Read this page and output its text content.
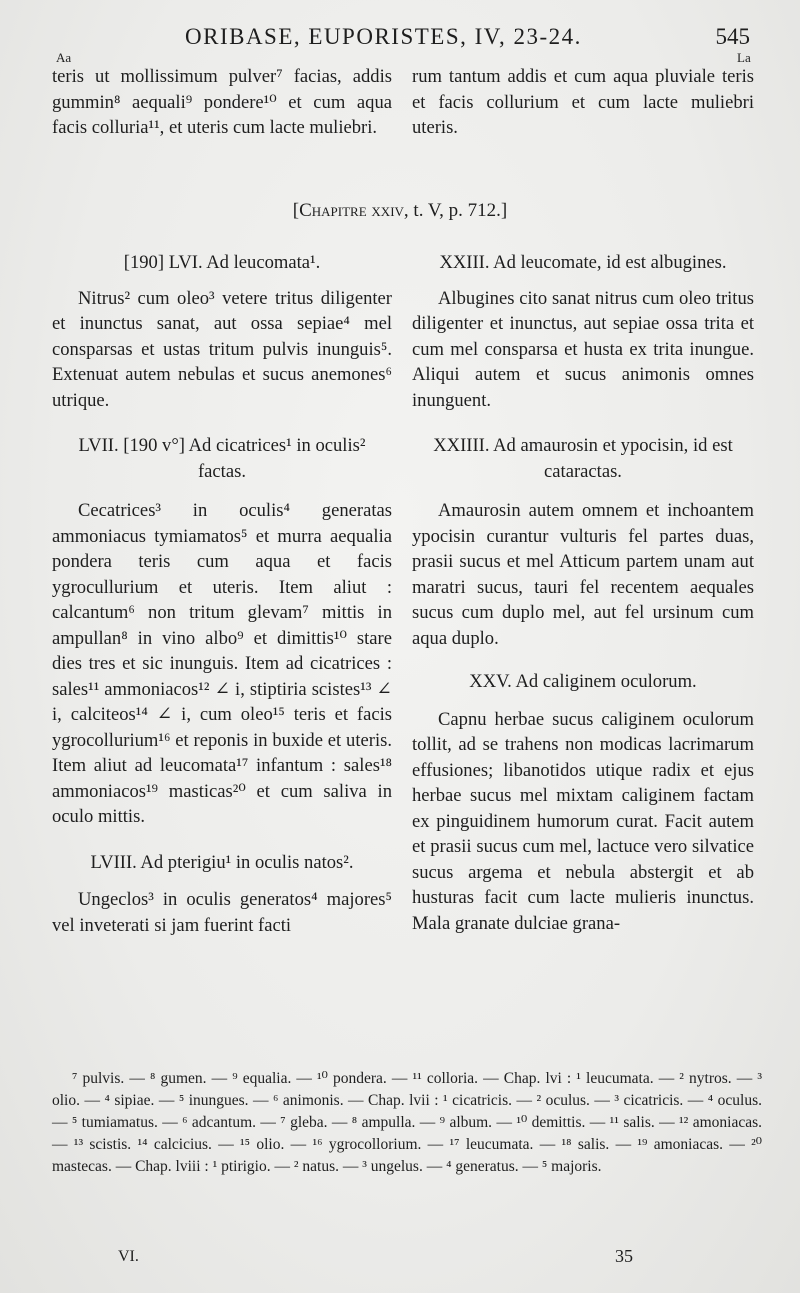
ORIBASE, EUPORISTES, IV, 23-24.	545
Aa	La

teris ut mollissimum pulver⁷ facias, addis gummin⁸ aequali⁹ pondere¹⁰ et cum aqua facis colluria¹¹, et uteris cum lacte muliebri.

rum tantum addis et cum aqua pluviale teris et facis collurium et cum lacte muliebri uteris.

[Chapitre xxiv, t. V, p. 712.]

[190] LVI. Ad leucomata¹.

Nitrus² cum oleo³ vetere tritus diligenter et inunctus sanat, aut ossa sepiae⁴ mel consparsas et ustas tritum pulvis inunguis⁵. Extenuat autem nebulas et sucus anemones⁶ utrique.

LVII. [190 v°] Ad cicatrices¹ in oculis² factas.

Cecatrices³ in oculis⁴ generatas ammoniacus tymiamatos⁵ et murra aequalia pondera teris cum aqua et facis ygrocullurium et uteris. Item aliut : calcantum⁶ non tritum glevam⁷ mittis in ampullan⁸ in vino albo⁹ et dimittis¹⁰ stare dies tres et sic inunguis. Item ad cicatrices : sales¹¹ ammoniacos¹² ∠ i, stiptiria scistes¹³ ∠ i, calciteos¹⁴ ∠ i, cum oleo¹⁵ teris et facis ygrocollurium¹⁶ et reponis in buxide et uteris. Item aliut ad leucomata¹⁷ infantum : sales¹⁸ ammoniacos¹⁹ masticas²⁰ et cum saliva in oculo mittis.

LVIII. Ad pterigiu¹ in oculis natos².

Ungeclos³ in oculis generatos⁴ majores⁵ vel inveterati si jam fuerint facti

XXIII. Ad leucomate, id est albugines.

Albugines cito sanat nitrus cum oleo tritus diligenter et inunctus, aut sepiae ossa trita et cum mel consparsa et husta ex trita inungue. Aliqui autem et sucus animonis omnes inunguent.

XXIIII. Ad amaurosin et ypocisin, id est cataractas.

Amaurosin autem omnem et inchoantem ypocisin curantur vulturis fel partes duas, prasii sucus et mel Atticum partem unam aut maratri sucus, tauri fel recentem aequales sucus cum duplo mel, aut fel ursinum cum aqua duplo.

XXV. Ad caliginem oculorum.

Capnu herbae sucus caliginem oculorum tollit, ad se trahens non modicas lacrimarum effusiones; libanotidos utique radix et ejus herbae sucus mel mixtam caliginem factam ex pinguidinem humorum curat. Facit autem et prasii sucus cum mel, lactuce vero silvatice sucus argema et nebula abstergit et ab husturas facit cum lacte mulieris inunctus. Mala granate dulciae grana-

⁷ pulvis. — ⁸ gumen. — ⁹ equalia. — ¹⁰ pondera. — ¹¹ colloria. — Chap. lvi : ¹ leucumata. — ² nytros. — ³ olio. — ⁴ sipiae. — ⁵ inungues. — ⁶ animonis. — Chap. lvii : ¹ cicatricis. — ² oculus. — ³ cicatricis. — ⁴ oculus. — ⁵ tumiamatus. — ⁶ adcantum. — ⁷ gleba. — ⁸ ampulla. — ⁹ album. — ¹⁰ demittis. — ¹¹ salis. — ¹² amoniacas. — ¹³ scistis. ¹⁴ calcicius. — ¹⁵ olio. — ¹⁶ ygrocollorium. — ¹⁷ leucumata. — ¹⁸ salis. — ¹⁹ amoniacas. — ²⁰ mastecas. — Chap. lviii : ¹ ptirigio. — ² natus. — ³ ungelus. — ⁴ generatus. — ⁵ majoris.

VI.	35
